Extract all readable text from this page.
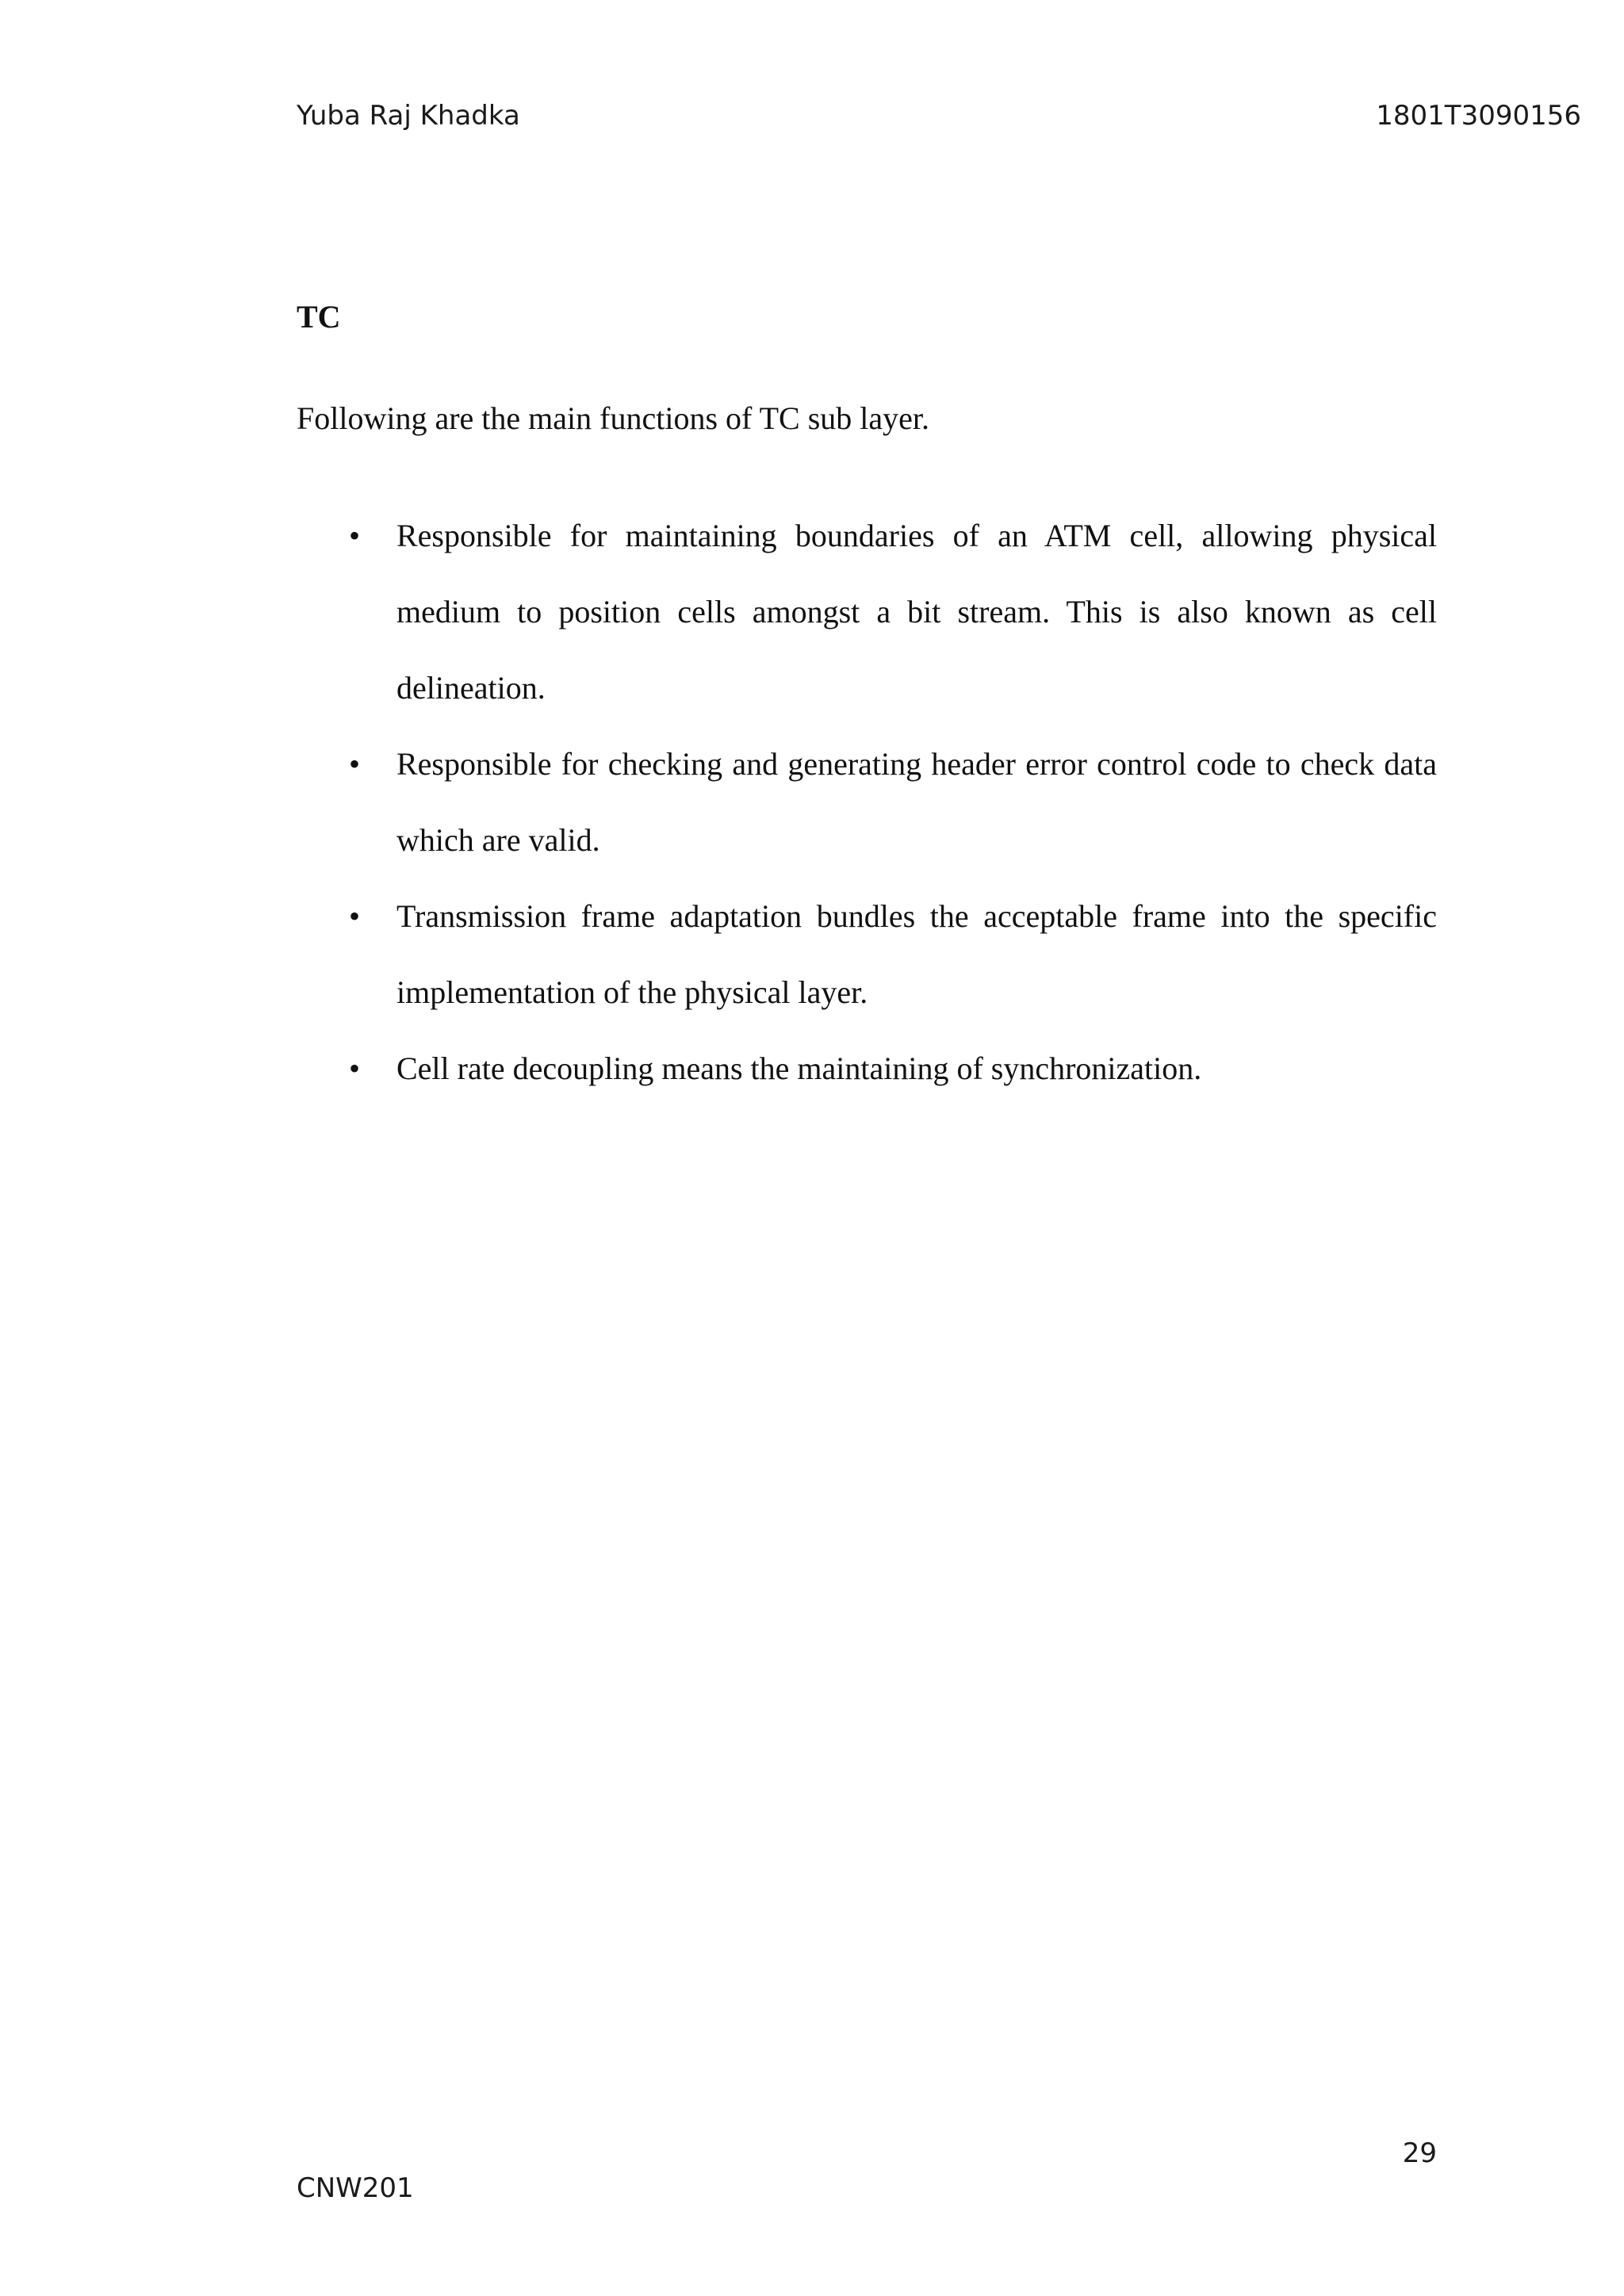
Yuba Raj Khadka	1801T3090156
TC

Following are the main functions of TC sub layer.

• Responsible for maintaining boundaries of an ATM cell, allowing physical medium to position cells amongst a bit stream. This is also known as cell delineation.
• Responsible for checking and generating header error control code to check data which are valid.
• Transmission frame adaptation bundles the acceptable frame into the specific implementation of the physical layer.
• Cell rate decoupling means the maintaining of synchronization.
29
CNW201
